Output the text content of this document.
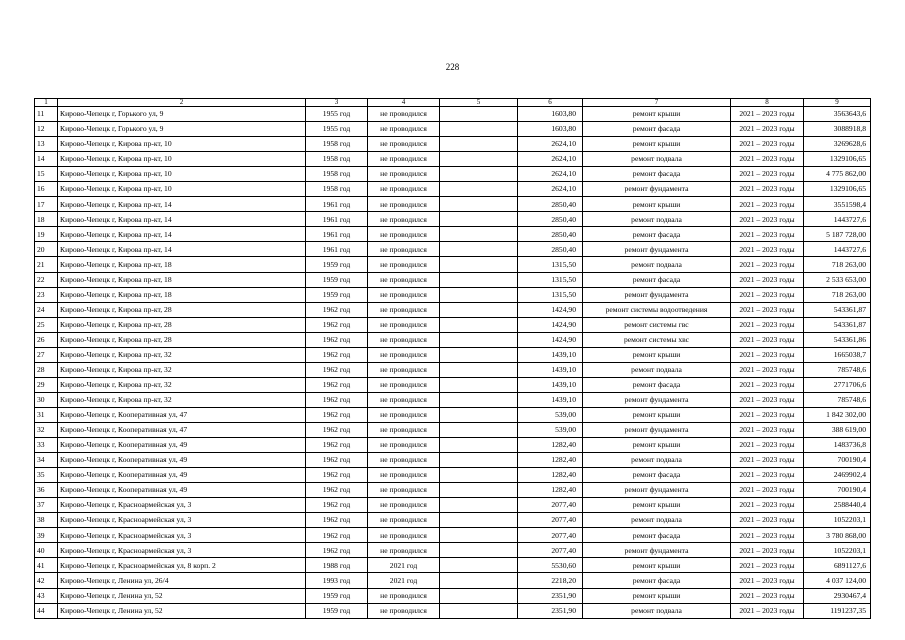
228
1	2	3	4	5	6	7	8	9
11	Кирово-Чепецк г, Горького ул, 9	1955 год	не проводился		1603,80	ремонт крыши	2021 – 2023 годы	3563643,6
12	Кирово-Чепецк г, Горького ул, 9	1955 год	не проводился		1603,80	ремонт фасада	2021 – 2023 годы	3088918,8
13	Кирово-Чепецк г, Кирова пр-кт, 10	1958 год	не проводился		2624,10	ремонт крыши	2021 – 2023 годы	3269628,6
14	Кирово-Чепецк г, Кирова пр-кт, 10	1958 год	не проводился		2624,10	ремонт подвала	2021 – 2023 годы	1329106,65
15	Кирово-Чепецк г, Кирова пр-кт, 10	1958 год	не проводился		2624,10	ремонт фасада	2021 – 2023 годы	4 775 862,00
16	Кирово-Чепецк г, Кирова пр-кт, 10	1958 год	не проводился		2624,10	ремонт фундамента	2021 – 2023 годы	1329106,65
17	Кирово-Чепецк г, Кирова пр-кт, 14	1961 год	не проводился		2850,40	ремонт крыши	2021 – 2023 годы	3551598,4
18	Кирово-Чепецк г, Кирова пр-кт, 14	1961 год	не проводился		2850,40	ремонт подвала	2021 – 2023 годы	1443727,6
19	Кирово-Чепецк г, Кирова пр-кт, 14	1961 год	не проводился		2850,40	ремонт фасада	2021 – 2023 годы	5 187 728,00
20	Кирово-Чепецк г, Кирова пр-кт, 14	1961 год	не проводился		2850,40	ремонт фундамента	2021 – 2023 годы	1443727,6
21	Кирово-Чепецк г, Кирова пр-кт, 18	1959 год	не проводился		1315,50	ремонт подвала	2021 – 2023 годы	718 263,00
22	Кирово-Чепецк г, Кирова пр-кт, 18	1959 год	не проводился		1315,50	ремонт фасада	2021 – 2023 годы	2 533 653,00
23	Кирово-Чепецк г, Кирова пр-кт, 18	1959 год	не проводился		1315,50	ремонт фундамента	2021 – 2023 годы	718 263,00
24	Кирово-Чепецк г, Кирова пр-кт, 28	1962 год	не проводился		1424,90	ремонт системы водоотведения	2021 – 2023 годы	543361,87
25	Кирово-Чепецк г, Кирова пр-кт, 28	1962 год	не проводился		1424,90	ремонт системы гвс	2021 – 2023 годы	543361,87
26	Кирово-Чепецк г, Кирова пр-кт, 28	1962 год	не проводился		1424,90	ремонт системы хвс	2021 – 2023 годы	543361,86
27	Кирово-Чепецк г, Кирова пр-кт, 32	1962 год	не проводился		1439,10	ремонт крыши	2021 – 2023 годы	1665038,7
28	Кирово-Чепецк г, Кирова пр-кт, 32	1962 год	не проводился		1439,10	ремонт подвала	2021 – 2023 годы	785748,6
29	Кирово-Чепецк г, Кирова пр-кт, 32	1962 год	не проводился		1439,10	ремонт фасада	2021 – 2023 годы	2771706,6
30	Кирово-Чепецк г, Кирова пр-кт, 32	1962 год	не проводился		1439,10	ремонт фундамента	2021 – 2023 годы	785748,6
31	Кирово-Чепецк г, Кооперативная ул, 47	1962 год	не проводился		539,00	ремонт крыши	2021 – 2023 годы	1 842 302,00
32	Кирово-Чепецк г, Кооперативная ул, 47	1962 год	не проводился		539,00	ремонт фундамента	2021 – 2023 годы	388 619,00
33	Кирово-Чепецк г, Кооперативная ул, 49	1962 год	не проводился		1282,40	ремонт крыши	2021 – 2023 годы	1483736,8
34	Кирово-Чепецк г, Кооперативная ул, 49	1962 год	не проводился		1282,40	ремонт подвала	2021 – 2023 годы	700190,4
35	Кирово-Чепецк г, Кооперативная ул, 49	1962 год	не проводился		1282,40	ремонт фасада	2021 – 2023 годы	2469902,4
36	Кирово-Чепецк г, Кооперативная ул, 49	1962 год	не проводился		1282,40	ремонт фундамента	2021 – 2023 годы	700190,4
37	Кирово-Чепецк г, Красноармейская ул, 3	1962 год	не проводился		2077,40	ремонт крыши	2021 – 2023 годы	2588440,4
38	Кирово-Чепецк г, Красноармейская ул, 3	1962 год	не проводился		2077,40	ремонт подвала	2021 – 2023 годы	1052203,1
39	Кирово-Чепецк г, Красноармейская ул, 3	1962 год	не проводился		2077,40	ремонт фасада	2021 – 2023 годы	3 780 868,00
40	Кирово-Чепецк г, Красноармейская ул, 3	1962 год	не проводился		2077,40	ремонт фундамента	2021 – 2023 годы	1052203,1
41	Кирово-Чепецк г, Красноармейская ул, 8 корп. 2	1988 год	2021 год		5530,60	ремонт крыши	2021 – 2023 годы	6891127,6
42	Кирово-Чепецк г, Ленина ул, 26/4	1993 год	2021 год		2218,20	ремонт фасада	2021 – 2023 годы	4 037 124,00
43	Кирово-Чепецк г, Ленина ул, 52	1959 год	не проводился		2351,90	ремонт крыши	2021 – 2023 годы	2930467,4
44	Кирово-Чепецк г, Ленина ул, 52	1959 год	не проводился		2351,90	ремонт подвала	2021 – 2023 годы	1191237,35
